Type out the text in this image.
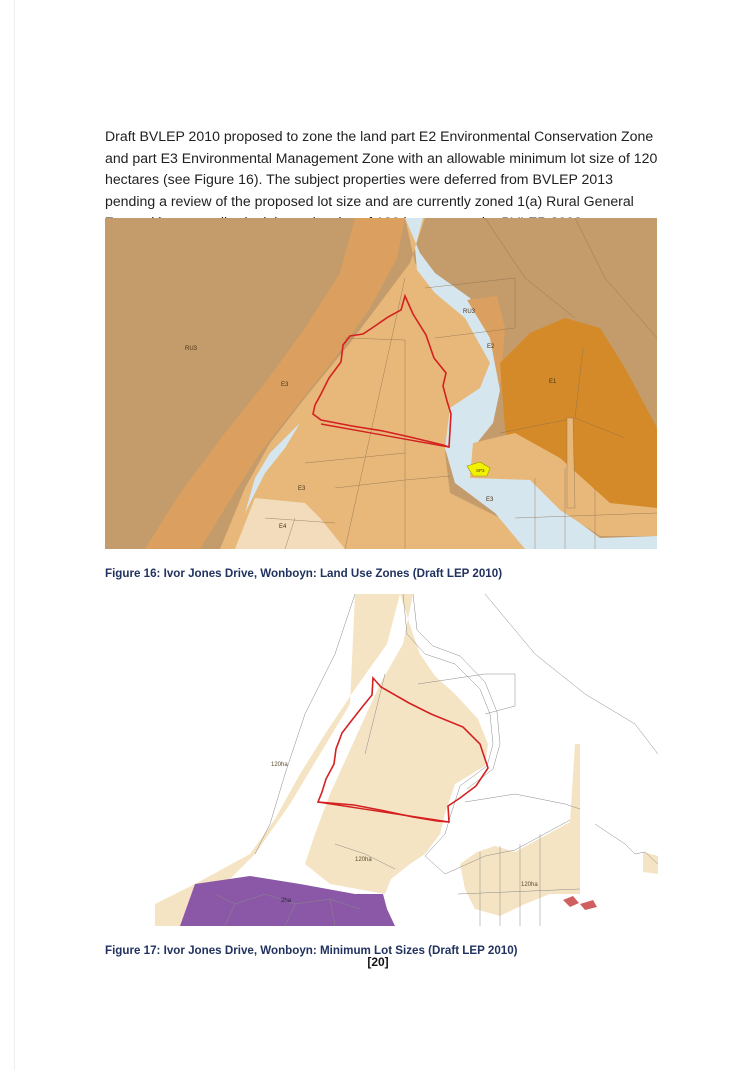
Draft BVLEP 2010 proposed to zone the land part E2 Environmental Conservation Zone and part E3 Environmental Management Zone with an allowable minimum lot size of 120 hectares (see Figure 16). The subject properties were deferred from BVLEP 2013 pending a review of the proposed lot size and are currently zoned 1(a) Rural General

RU3
RU3
E3
E2
E1
E3
E3
E4
SP3
Figure 16: Ivor Jones Drive, Wonboyn: Land Use Zones (Draft LEP 2010)
120ha
120ha
120ha
2ha
Figure 17: Ivor Jones Drive, Wonboyn: Minimum Lot Sizes (Draft LEP 2010)
[20]
